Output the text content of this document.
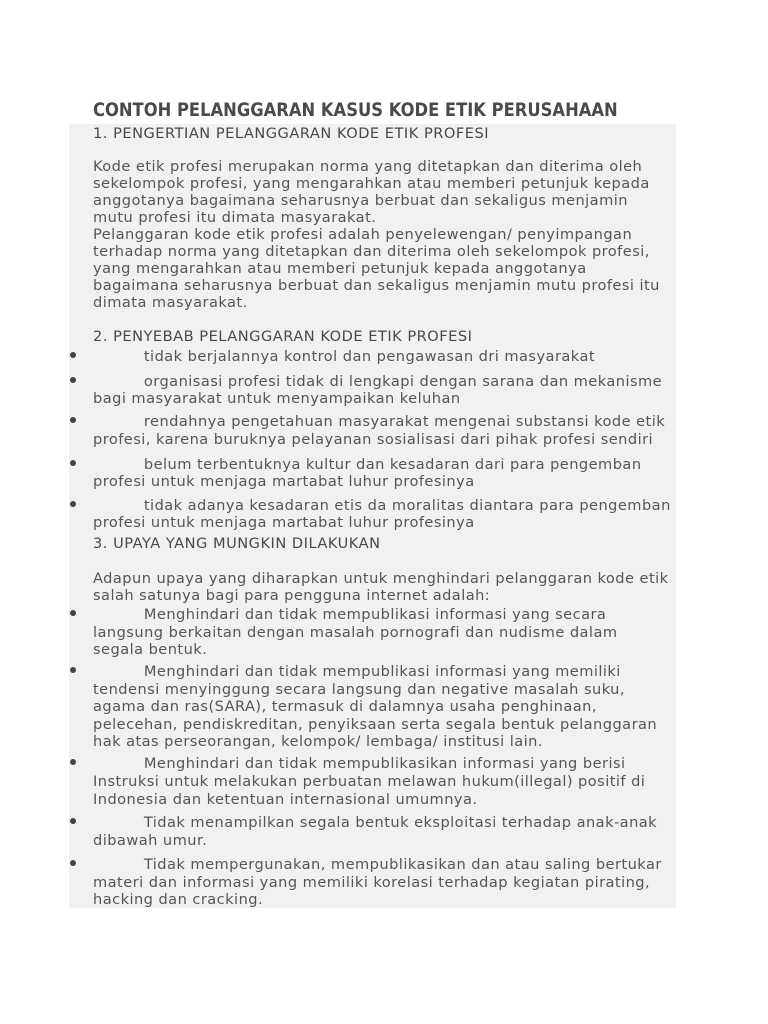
CONTOH PELANGGARAN KASUS KODE ETIK PERUSAHAAN
1. PENGERTIAN PELANGGARAN KODE ETIK PROFESI
Kode etik profesi merupakan norma yang ditetapkan dan diterima oleh
sekelompok profesi, yang mengarahkan atau memberi petunjuk kepada
anggotanya bagaimana seharusnya berbuat dan sekaligus menjamin
mutu profesi itu dimata masyarakat.
Pelanggaran kode etik profesi adalah penyelewengan/ penyimpangan
terhadap norma yang ditetapkan dan diterima oleh sekelompok profesi,
yang mengarahkan atau memberi petunjuk kepada anggotanya
bagaimana seharusnya berbuat dan sekaligus menjamin mutu profesi itu
dimata masyarakat.
2. PENYEBAB PELANGGARAN KODE ETIK PROFESI
tidak berjalannya kontrol dan pengawasan dri masyarakat
organisasi profesi tidak di lengkapi dengan sarana dan mekanisme
bagi masyarakat untuk menyampaikan keluhan
rendahnya pengetahuan masyarakat mengenai substansi kode etik
profesi, karena buruknya pelayanan sosialisasi dari pihak profesi sendiri
belum terbentuknya kultur dan kesadaran dari para pengemban
profesi untuk menjaga martabat luhur profesinya
tidak adanya kesadaran etis da moralitas diantara para pengemban
profesi untuk menjaga martabat luhur profesinya
3. UPAYA YANG MUNGKIN DILAKUKAN
Adapun upaya yang diharapkan untuk menghindari pelanggaran kode etik
salah satunya bagi para pengguna internet adalah:
Menghindari dan tidak mempublikasi informasi yang secara
langsung berkaitan dengan masalah pornografi dan nudisme dalam
segala bentuk.
Menghindari dan tidak mempublikasi informasi yang memiliki
tendensi menyinggung secara langsung dan negative masalah suku,
agama dan ras(SARA), termasuk di dalamnya usaha penghinaan,
pelecehan, pendiskreditan, penyiksaan serta segala bentuk pelanggaran
hak atas perseorangan, kelompok/ lembaga/ institusi lain.
Menghindari dan tidak mempublikasikan informasi yang berisi
Instruksi untuk melakukan perbuatan melawan hukum(illegal) positif di
Indonesia dan ketentuan internasional umumnya.
Tidak menampilkan segala bentuk eksploitasi terhadap anak-anak
dibawah umur.
Tidak mempergunakan, mempublikasikan dan atau saling bertukar
materi dan informasi yang memiliki korelasi terhadap kegiatan pirating,
hacking dan cracking.
